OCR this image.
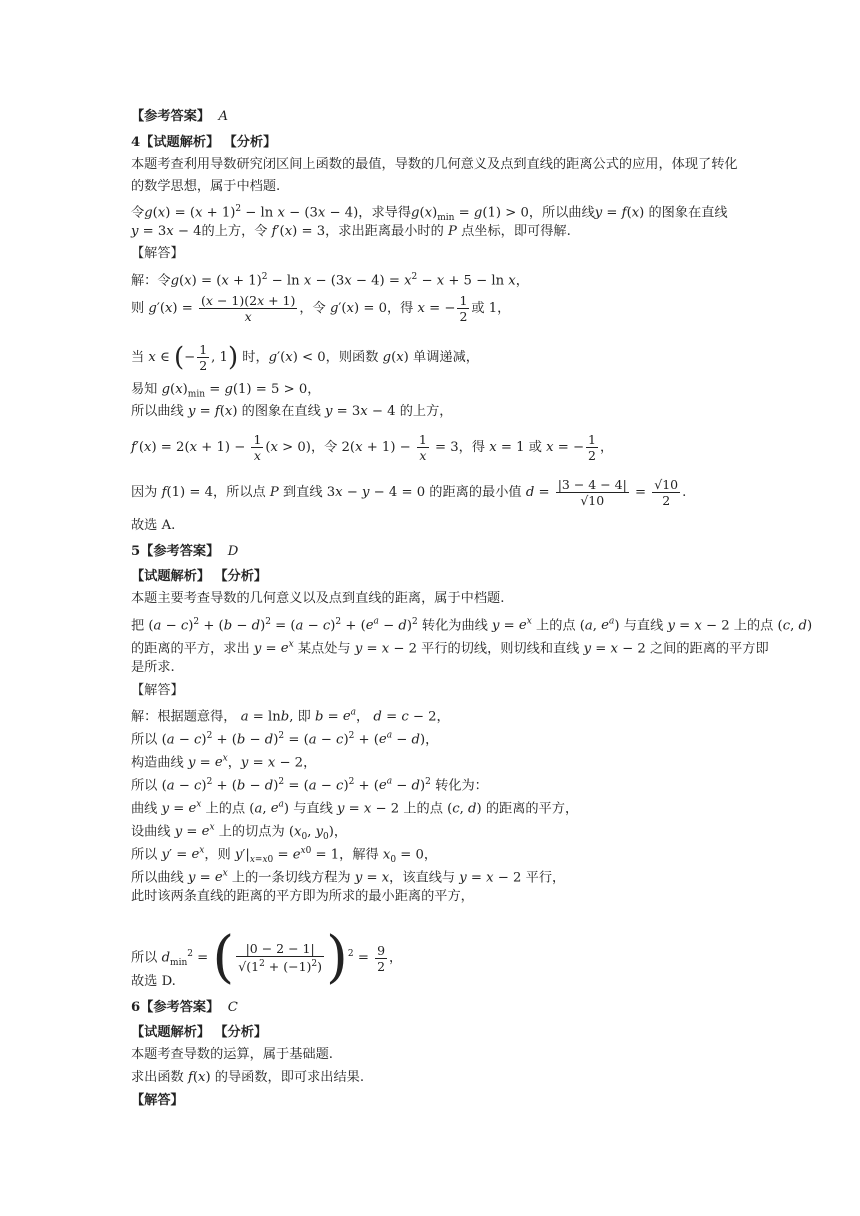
【参考答案】 A
4【试题解析】 【分析】
本题考查利用导数研究闭区间上函数的最值，导数的几何意义及点到直线的距离公式的应用，体现了转化
的数学思想，属于中档题.
令$g(x) = (x + 1)^2 - \ln x - (3x - 4)$，求导得$g(x)_{min} = g(1) > 0$，所以曲线y = f(x) 的图象在直线
y = 3x − 4的上方，令 f′(x) = 3，求出距离最小时的 P 点坐标，即可得解.
【解答】
解：令$g(x) = (x + 1)^2 - \ln x - (3x - 4) = x^2 - x + 5 - \ln x$，
则 $g'(x) = \frac{(x - 1)(2x + 1)}{x}$ ，令 g′(x) = 0，得 x = − $\frac{1}{2}$ 或 1，
当 x ∈ (− $\frac{1}{2}$ , 1) 时，g′(x) < 0，则函数 g(x) 单调递减，
易知 $g(x)_{min} = g(1) = 5 > 0$，
所以曲线 y = f(x) 的图象在直线 y = 3x − 4 的上方，
$f'(x) = 2(x + 1) - \frac{1}{x} (x > 0)$，令 $2(x + 1) - \frac{1}{x} = 3$，得 x = 1 或 x = − $\frac{1}{2}$ ，
因为 f(1) = 4，所以点 P 到直线 3x − y − 4 = 0 的距离的最小值 $d = \frac{|3 - 4 - 4|}{√10} = \frac{√10}{2}$ .
故选 A.
5【参考答案】 D
【试题解析】 【分析】
本题主要考查导数的几何意义以及点到直线的距离，属于中档题.
把 $(a - c)^2 + (b - d)^2 = (a - c)^2 + (e^a - d)^2$ 转化为曲线 $y = e^x$ 上的点 (a, $e^a$) 与直线 y = x − 2 上的点 (c, d)
的距离的平方，求出 $y = e^x$ 某点处与 y = x − 2 平行的切线，则切线和直线 y = x − 2 之间的距离的平方即
是所求.
【解答】
解：根据题意得， a = lnb, 即 $b = e^a$， d = c − 2，
所以 $(a - c)^2 + (b - d)^2 = (a - c)^2 + (e^a - d)$，
构造曲线 $y = e^x$，y = x − 2，
所以 $(a - c)^2 + (b - d)^2 = (a - c)^2 + (e^a - d)^2$ 转化为：
曲线 $y = e^x$ 上的点 (a, $e^a$) 与直线 y = x − 2 上的点 (c, d) 的距离的平方，
设曲线 $y = e^x$ 上的切点为 ($x_0$, $y_0$)，
所以 $y' = e^x$，则 $y'|_{x=x0} = e^{x0} = 1$，解得 $x_0 = 0$，
所以曲线 $y = e^x$ 上的一条切线方程为 y = x，该直线与 y = x − 2 平行，
此时该两条直线的距离的平方即为所求的最小距离的平方，
所以 $d_{min}^2$ = ( $\frac{|0 - 2 - 1|}{√(1^2 + (-1)^2)} )^2 = \frac{9}{2}$ ，
故选 D.
6【参考答案】 C
【试题解析】 【分析】
本题考查导数的运算，属于基础题.
求出函数 f(x) 的导函数，即可求出结果.
【解答】
